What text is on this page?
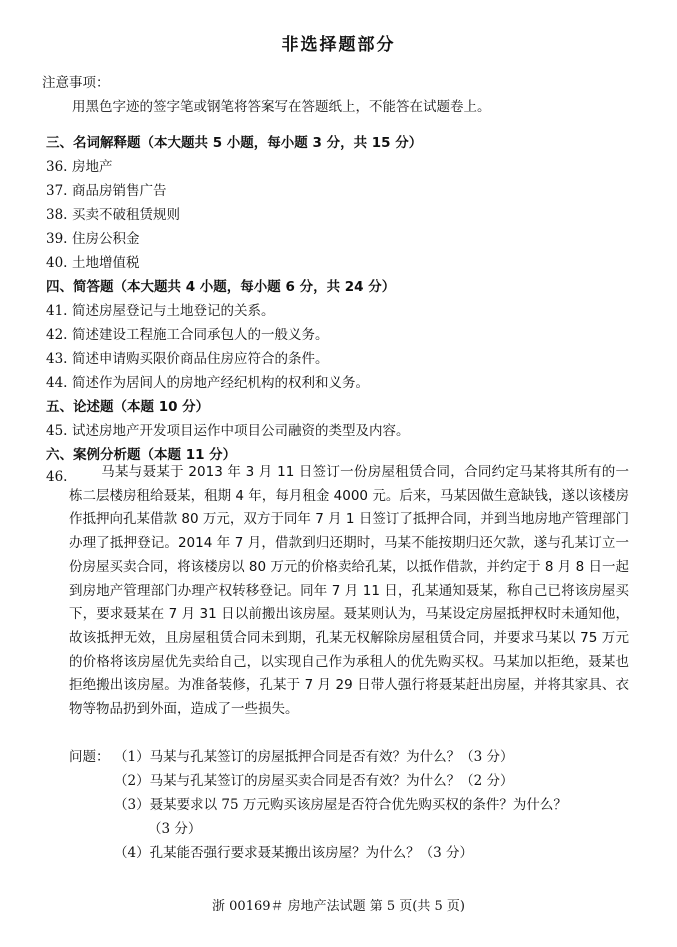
非选择题部分
注意事项：
用黑色字迹的签字笔或钢笔将答案写在答题纸上，不能答在试题卷上。
三、名词解释题（本大题共 5 小题，每小题 3 分，共 15 分）
36. 房地产
37. 商品房销售广告
38. 买卖不破租赁规则
39. 住房公积金
40. 土地增值税
四、简答题（本大题共 4 小题，每小题 6 分，共 24 分）
41. 简述房屋登记与土地登记的关系。
42. 简述建设工程施工合同承包人的一般义务。
43. 简述申请购买限价商品住房应符合的条件。
44. 简述作为居间人的房地产经纪机构的权利和义务。
五、论述题（本题 10 分）
45. 试述房地产开发项目运作中项目公司融资的类型及内容。
六、案例分析题（本题 11 分）
46.	马某与聂某于 2013 年 3 月 11 日签订一份房屋租赁合同，合同约定马某将其所有的一栋二层楼房租给聂某，租期 4 年，每月租金 4000 元。后来，马某因做生意缺钱，遂以该楼房作抵押向孔某借款 80 万元，双方于同年 7 月 1 日签订了抵押合同，并到当地房地产管理部门办理了抵押登记。2014 年 7 月，借款到归还期时，马某不能按期归还欠款，遂与孔某订立一份房屋买卖合同，将该楼房以 80 万元的价格卖给孔某，以抵作借款，并约定于 8 月 8 日一起到房地产管理部门办理产权转移登记。同年 7 月 11 日，孔某通知聂某，称自己已将该房屋买下，要求聂某在 7 月 31 日以前搬出该房屋。聂某则认为，马某设定房屋抵押权时未通知他，故该抵押无效，且房屋租赁合同未到期，孔某无权解除房屋租赁合同，并要求马某以 75 万元的价格将该房屋优先卖给自己，以实现自己作为承租人的优先购买权。马某加以拒绝，聂某也拒绝搬出该房屋。为准备装修，孔某于 7 月 29 日带人强行将聂某赶出房屋，并将其家具、衣物等物品扔到外面，造成了一些损失。
问题： （1）马某与孔某签订的房屋抵押合同是否有效？为什么？（3 分）
（2）马某与孔某签订的房屋买卖合同是否有效？为什么？（2 分）
（3）聂某要求以 75 万元购买该房屋是否符合优先购买权的条件？为什么？
（3 分）
（4）孔某能否强行要求聂某搬出该房屋？为什么？（3 分）
浙 00169＃ 房地产法试题 第 5 页(共 5 页)
